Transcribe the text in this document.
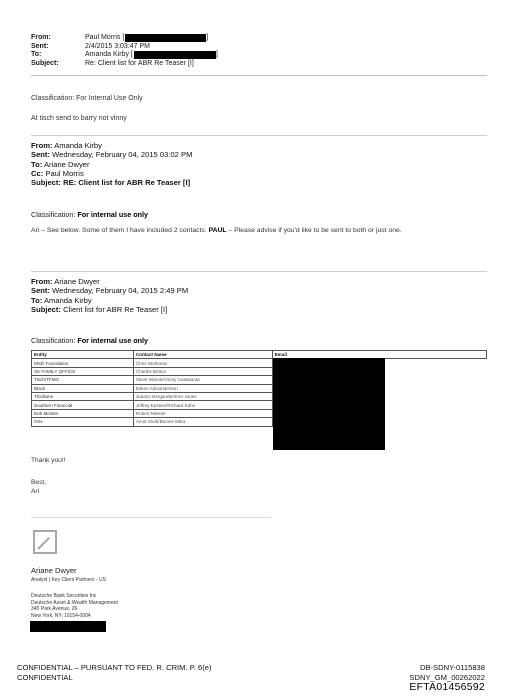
From:	Paul Morris [	]
Sent:	2/4/2015 3:03:47 PM
To:	Amanda Kirby [	]
Subject:	Re: Client list for ABR Re Teaser [I]
Classification: For Internal Use Only
At tisch send to barry not vinny
From: Amanda Kirby
Sent: Wednesday, February 04, 2015 03:02 PM
To: Ariane Dwyer
Cc: Paul Morris
Subject: RE: Client list for ABR Re Teaser [I]
Classification: For internal use only
Ari – See below. Some of them I have included 2 contacts. PAUL – Please advise if you'd like to be sent to both or just one.
From: Ariane Dwyer
Sent: Wednesday, February 04, 2015 2:49 PM
To: Amanda Kirby
Subject: Client list for ABR Re Teaser [I]
Classification: For internal use only
Entity	Contact Name	Email
MSD Foundation	Chris Workman	
SK FAMILY OFFICE	Charles Britton	
Tisch/TFMG	Steve Warner/Vinny Casasanta	
Black	Eileen Alexanderson	
Thirdlane	Joaann Bergander/Ken Jones	
Southern Financial	Jeffrey Epstein/Richard Kahn	
Bob Meister	Robert Meister	
Orix	Amol Shah/Bonnie Mitra	
Thank you!!
Best,
Ari
Ariane Dwyer
Analyst | Key Client Partners - US
Deutsche Bank Securities Inc
Deutsche Asset & Wealth Management
345 Park Avenue, 26
New York, NY, 10154-0004
CONFIDENTIAL – PURSUANT TO FED. R. CRIM. P. 6(e)
CONFIDENTIAL
DB-SDNY-0115838
SDNY_GM_00262022
EFTA01456592
